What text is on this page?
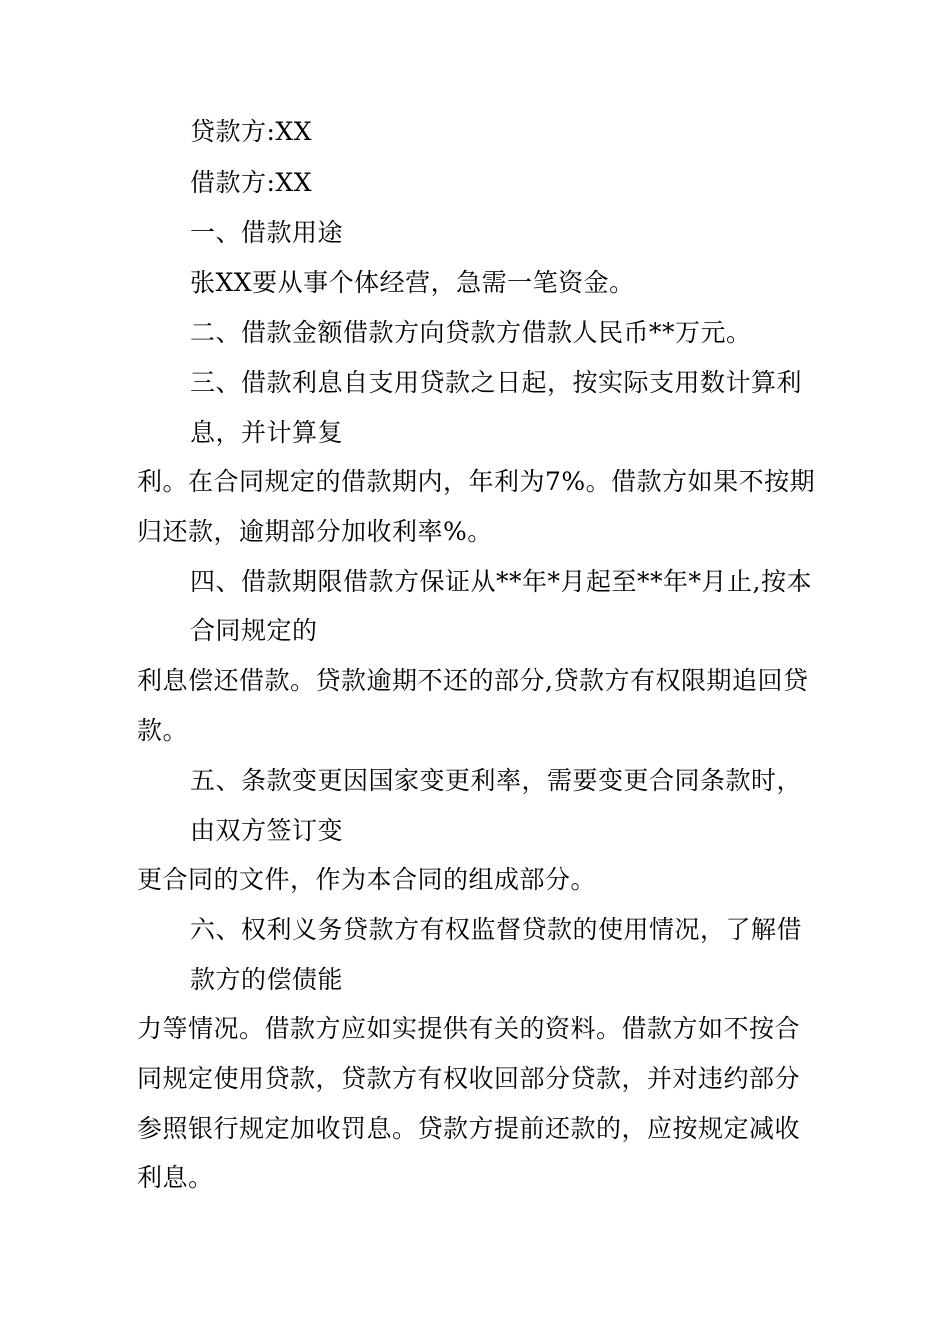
贷款方:XX
借款方:XX
一、借款用途
张XX要从事个体经营，急需一笔资金。
二、借款金额借款方向贷款方借款人民币**万元。
三、借款利息自支用贷款之日起，按实际支用数计算利
息，并计算复
利。在合同规定的借款期内，年利为7%。借款方如果不按期
归还款，逾期部分加收利率%。
四、借款期限借款方保证从**年*月起至**年*月止,按本
合同规定的
利息偿还借款。贷款逾期不还的部分,贷款方有权限期追回贷
款。
五、条款变更因国家变更利率，需要变更合同条款时，
由双方签订变
更合同的文件，作为本合同的组成部分。
六、权利义务贷款方有权监督贷款的使用情况，了解借
款方的偿债能
力等情况。借款方应如实提供有关的资料。借款方如不按合
同规定使用贷款，贷款方有权收回部分贷款，并对违约部分
参照银行规定加收罚息。贷款方提前还款的，应按规定减收
利息。
